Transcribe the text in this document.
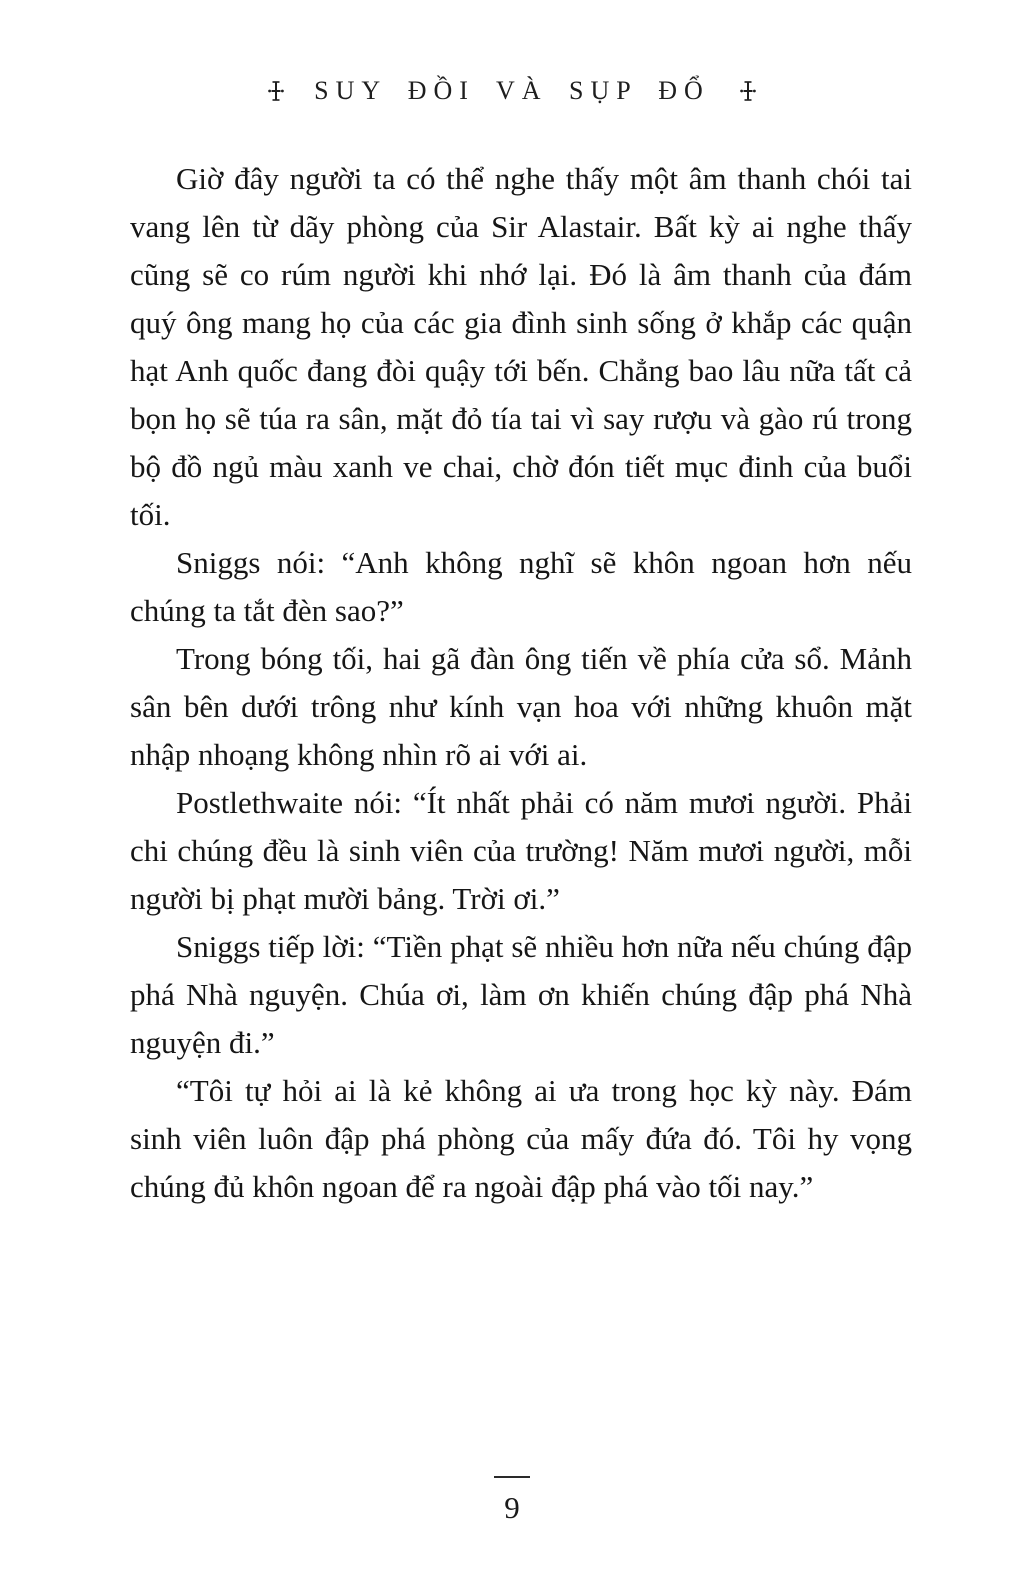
SUY ĐỒI VÀ SỤP ĐỔ

Giờ đây người ta có thể nghe thấy một âm thanh chói tai vang lên từ dãy phòng của Sir Alastair. Bất kỳ ai nghe thấy cũng sẽ co rúm người khi nhớ lại. Đó là âm thanh của đám quý ông mang họ của các gia đình sinh sống ở khắp các quận hạt Anh quốc đang đòi quậy tới bến. Chẳng bao lâu nữa tất cả bọn họ sẽ túa ra sân, mặt đỏ tía tai vì say rượu và gào rú trong bộ đồ ngủ màu xanh ve chai, chờ đón tiết mục đinh của buổi tối.

Sniggs nói: “Anh không nghĩ sẽ khôn ngoan hơn nếu chúng ta tắt đèn sao?”

Trong bóng tối, hai gã đàn ông tiến về phía cửa sổ. Mảnh sân bên dưới trông như kính vạn hoa với những khuôn mặt nhập nhoạng không nhìn rõ ai với ai.

Postlethwaite nói: “Ít nhất phải có năm mươi người. Phải chi chúng đều là sinh viên của trường! Năm mươi người, mỗi người bị phạt mười bảng. Trời ơi.”

Sniggs tiếp lời: “Tiền phạt sẽ nhiều hơn nữa nếu chúng đập phá Nhà nguyện. Chúa ơi, làm ơn khiến chúng đập phá Nhà nguyện đi.”

“Tôi tự hỏi ai là kẻ không ai ưa trong học kỳ này. Đám sinh viên luôn đập phá phòng của mấy đứa đó. Tôi hy vọng chúng đủ khôn ngoan để ra ngoài đập phá vào tối nay.”

9
